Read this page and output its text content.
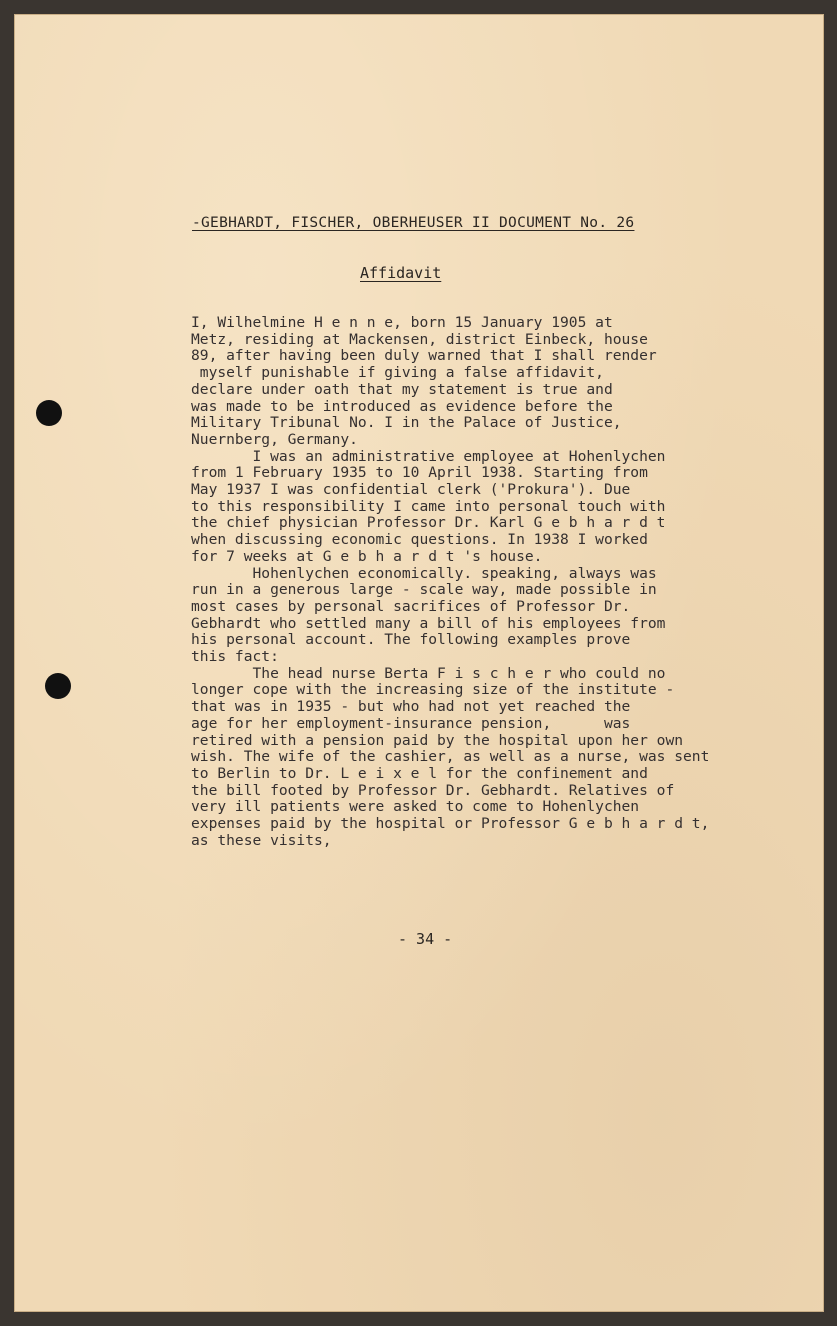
-GEBHARDT, FISCHER, OBERHEUSER II DOCUMENT No. 26
Affidavit
I, Wilhelmine H e n n e, born 15 January 1905 at
Metz, residing at Mackensen, district Einbeck, house
89, after having been duly warned that I shall render
myself punishable if giving a false affidavit,
declare under oath that my statement is true and
was made to be introduced as evidence before the
Military Tribunal No. I in the Palace of Justice,
Nuernberg, Germany.
I was an administrative employee at Hohenlychen
from 1 February 1935 to 10 April 1938. Starting from
May 1937 I was confidential clerk ('Prokura'). Due
to this responsibility I came into personal touch with
the chief physician Professor Dr. Karl G e b h a r d t
when discussing economic questions. In 1938 I worked
for 7 weeks at G e b h a r d t 's house.
Hohenlychen economically. speaking, always was
run in a generous large - scale way, made possible in
most cases by personal sacrifices of Professor Dr.
Gebhardt who settled many a bill of his employees from
his personal account. The following examples prove
this fact:
The head nurse Berta F i s c h e r who could no
longer cope with the increasing size of the institute -
that was in 1935 - but who had not yet reached the
age for her employment-insurance pension,      was
retired with a pension paid by the hospital upon her own
wish. The wife of the cashier, as well as a nurse, was sent
to Berlin to Dr. L e i x e l for the confinement and
the bill footed by Professor Dr. Gebhardt. Relatives of
very ill patients were asked to come to Hohenlychen
expenses paid by the hospital or Professor G e b h a r d t,
as these visits,
- 34 -
